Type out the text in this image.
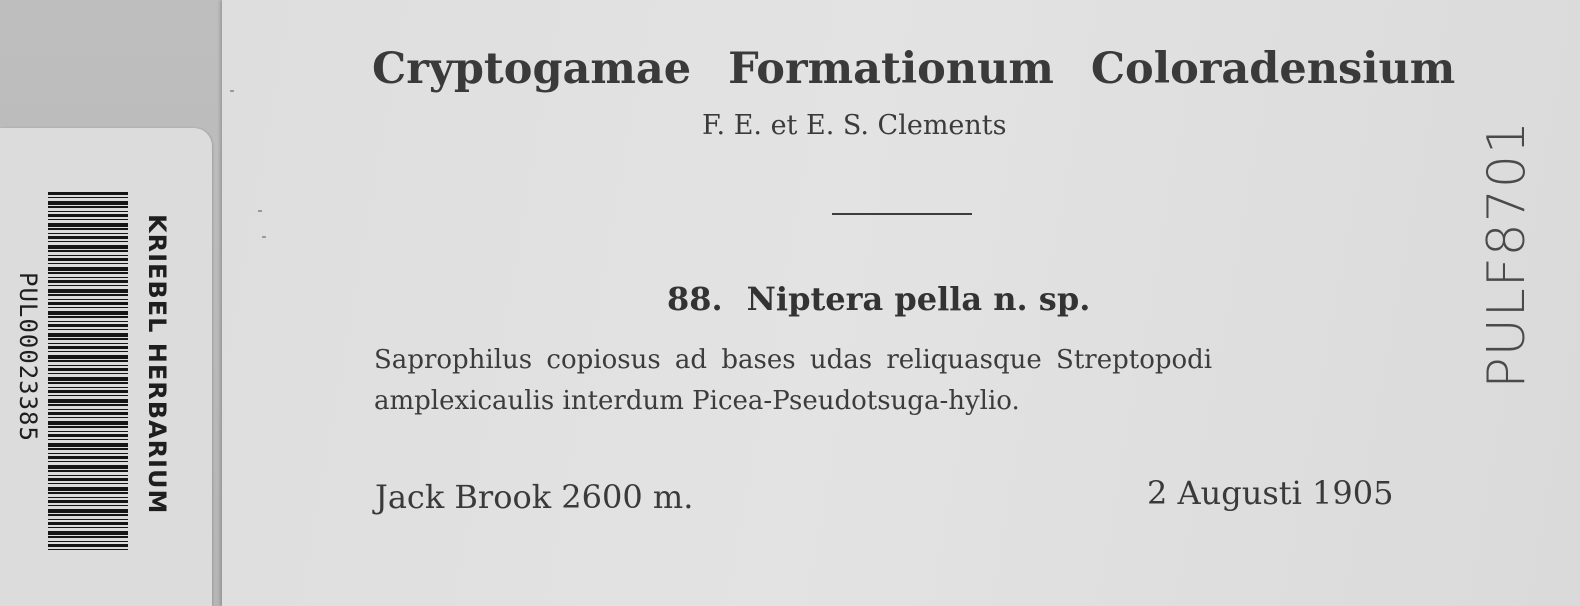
KRIEBEL HERBARIUM
PUL00023385
Cryptogamae Formationum Coloradensium

F. E. et E. S. Clements

88. Niptera pella n. sp.

Saprophilus copiosus ad bases udas reliquasque Streptopodi

amplexicaulis interdum Picea-Pseudotsuga-hylio.

Jack Brook 2600 m.	2 Augusti 1905

PULF8701
